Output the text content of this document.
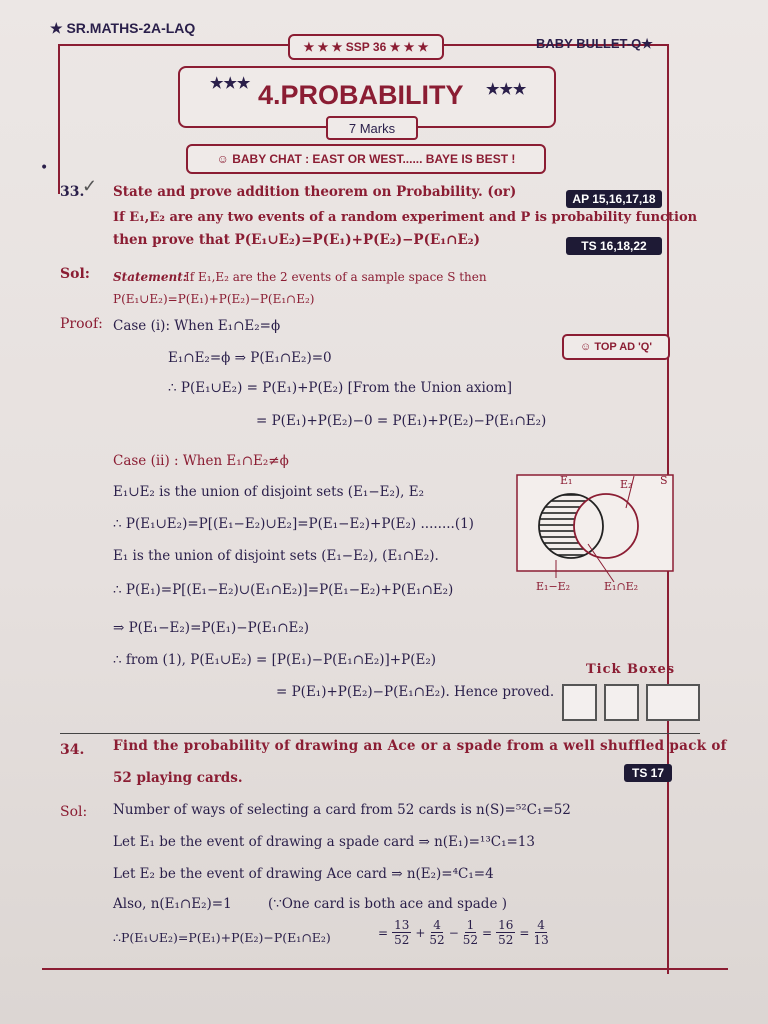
★ SR.MATHS-2A-LAQ
★ ★ ★ SSP 36 ★ ★ ★	BABY BULLET-Q★
★★★ 4.PROBABILITY ★★★
7 Marks
☺ BABY CHAT : EAST OR WEST...... BAYE IS BEST !
•
33.
✓ State and prove addition theorem on Probability. (or)
If E₁,E₂ are any two events of a random experiment and P is probability function
then prove that P(E₁∪E₂)=P(E₁)+P(E₂)−P(E₁∩E₂)
AP 15,16,17,18
TS 16,18,22
Sol: Statement:
If E₁,E₂ are the 2 events of a sample space S then
P(E₁∪E₂)=P(E₁)+P(E₂)−P(E₁∩E₂)
Proof: Case (i): When E₁∩E₂=ϕ
E₁∩E₂=ϕ ⇒ P(E₁∩E₂)=0
∴ P(E₁∪E₂) = P(E₁)+P(E₂) [From the Union axiom]
= P(E₁)+P(E₂)−0 = P(E₁)+P(E₂)−P(E₁∩E₂)
☺ TOP AD 'Q'
Case (ii) : When E₁∩E₂≠ϕ
E₁∪E₂ is the union of disjoint sets (E₁−E₂), E₂
∴ P(E₁∪E₂)=P[(E₁−E₂)∪E₂]=P(E₁−E₂)+P(E₂) ........(1)
E₁ is the union of disjoint sets (E₁−E₂), (E₁∩E₂).
∴ P(E₁)=P[(E₁−E₂)∪(E₁∩E₂)]=P(E₁−E₂)+P(E₁∩E₂)
⇒ P(E₁−E₂)=P(E₁)−P(E₁∩E₂)
∴ from (1), P(E₁∪E₂) = [P(E₁)−P(E₁∩E₂)]+P(E₂)
= P(E₁)+P(E₂)−P(E₁∩E₂). Hence proved.
E₁	E₂	S
E₁−E₂	E₁∩E₂
Tick Boxes
34. Find the probability of drawing an Ace or a spade from a well shuffled pack of
52 playing cards.	TS 17
Sol: Number of ways of selecting a card from 52 cards is n(S)=⁵²C₁=52
Let E₁ be the event of drawing a spade card ⇒ n(E₁)=¹³C₁=13
Let E₂ be the event of drawing Ace card ⇒ n(E₂)=⁴C₁=4
Also, n(E₁∩E₂)=1	(∵One card is both ace and spade )
∴P(E₁∪E₂)=P(E₁)+P(E₂)−P(E₁∩E₂)	= $\frac{13}{52} + \frac{4}{52} - \frac{1}{52} = \frac{16}{52} = \frac{4}{13}$
